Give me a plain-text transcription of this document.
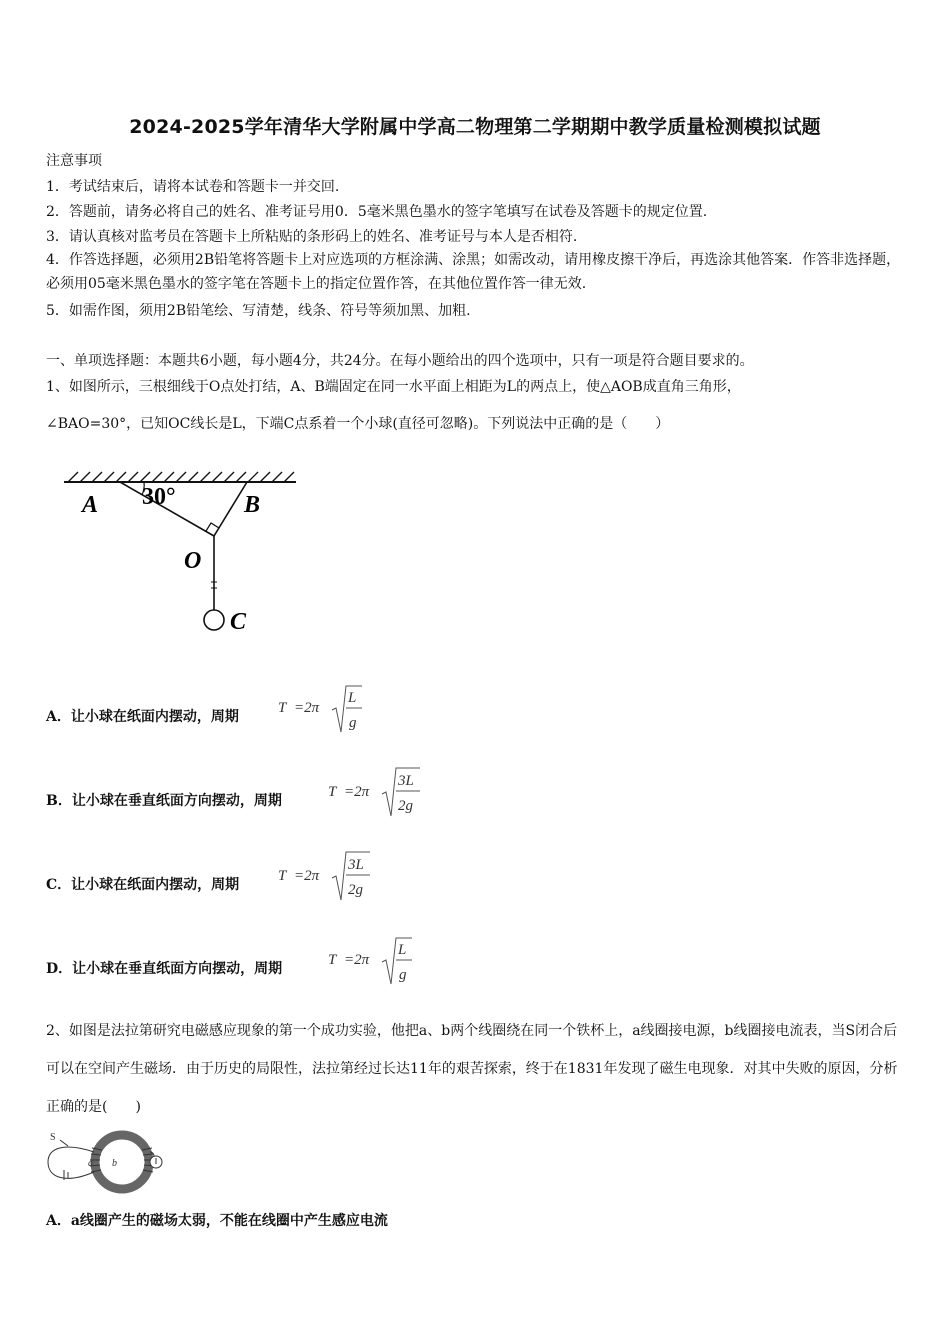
2024-2025学年清华大学附属中学高二物理第二学期期中教学质量检测模拟试题
注意事项
1．考试结束后，请将本试卷和答题卡一并交回.
2．答题前，请务必将自己的姓名、准考证号用0．5毫米黑色墨水的签字笔填写在试卷及答题卡的规定位置.
3．请认真核对监考员在答题卡上所粘贴的条形码上的姓名、准考证号与本人是否相符.
4．作答选择题，必须用2B铅笔将答题卡上对应选项的方框涂满、涂黑；如需改动，请用橡皮擦干净后，再选涂其他答案．作答非选择题，必须用05毫米黑色墨水的签字笔在答题卡上的指定位置作答，在其他位置作答一律无效.
5．如需作图，须用2B铅笔绘、写清楚，线条、符号等须加黑、加粗.
一、单项选择题：本题共6小题，每小题4分，共24分。在每小题给出的四个选项中，只有一项是符合题目要求的。
1、如图所示，三根细线于O点处打结，A、B端固定在同一水平面上相距为L的两点上，使△AOB成直角三角形，
∠BAO=30°，已知OC线长是L，下端C点系着一个小球(直径可忽略)。下列说法中正确的是（　　）
30°
A	B
O
C
A．让小球在纸面内摆动，周期
T =2π
L
g
B．让小球在垂直纸面方向摆动，周期
T =2π
3L
2g
C．让小球在纸面内摆动，周期
T =2π
3L
2g
D．让小球在垂直纸面方向摆动，周期
T =2π
L
g
2、如图是法拉第研究电磁感应现象的第一个成功实验，他把a、b两个线圈绕在同一个铁杯上，a线圈接电源，b线圈接电流表，当S闭合后可以在空间产生磁场．由于历史的局限性，法拉第经过长达11年的艰苦探索，终于在1831年发现了磁生电现象．对其中失败的原因，分析正确的是(　　)
S
a b
A．a线圈产生的磁场太弱，不能在线圈中产生感应电流
